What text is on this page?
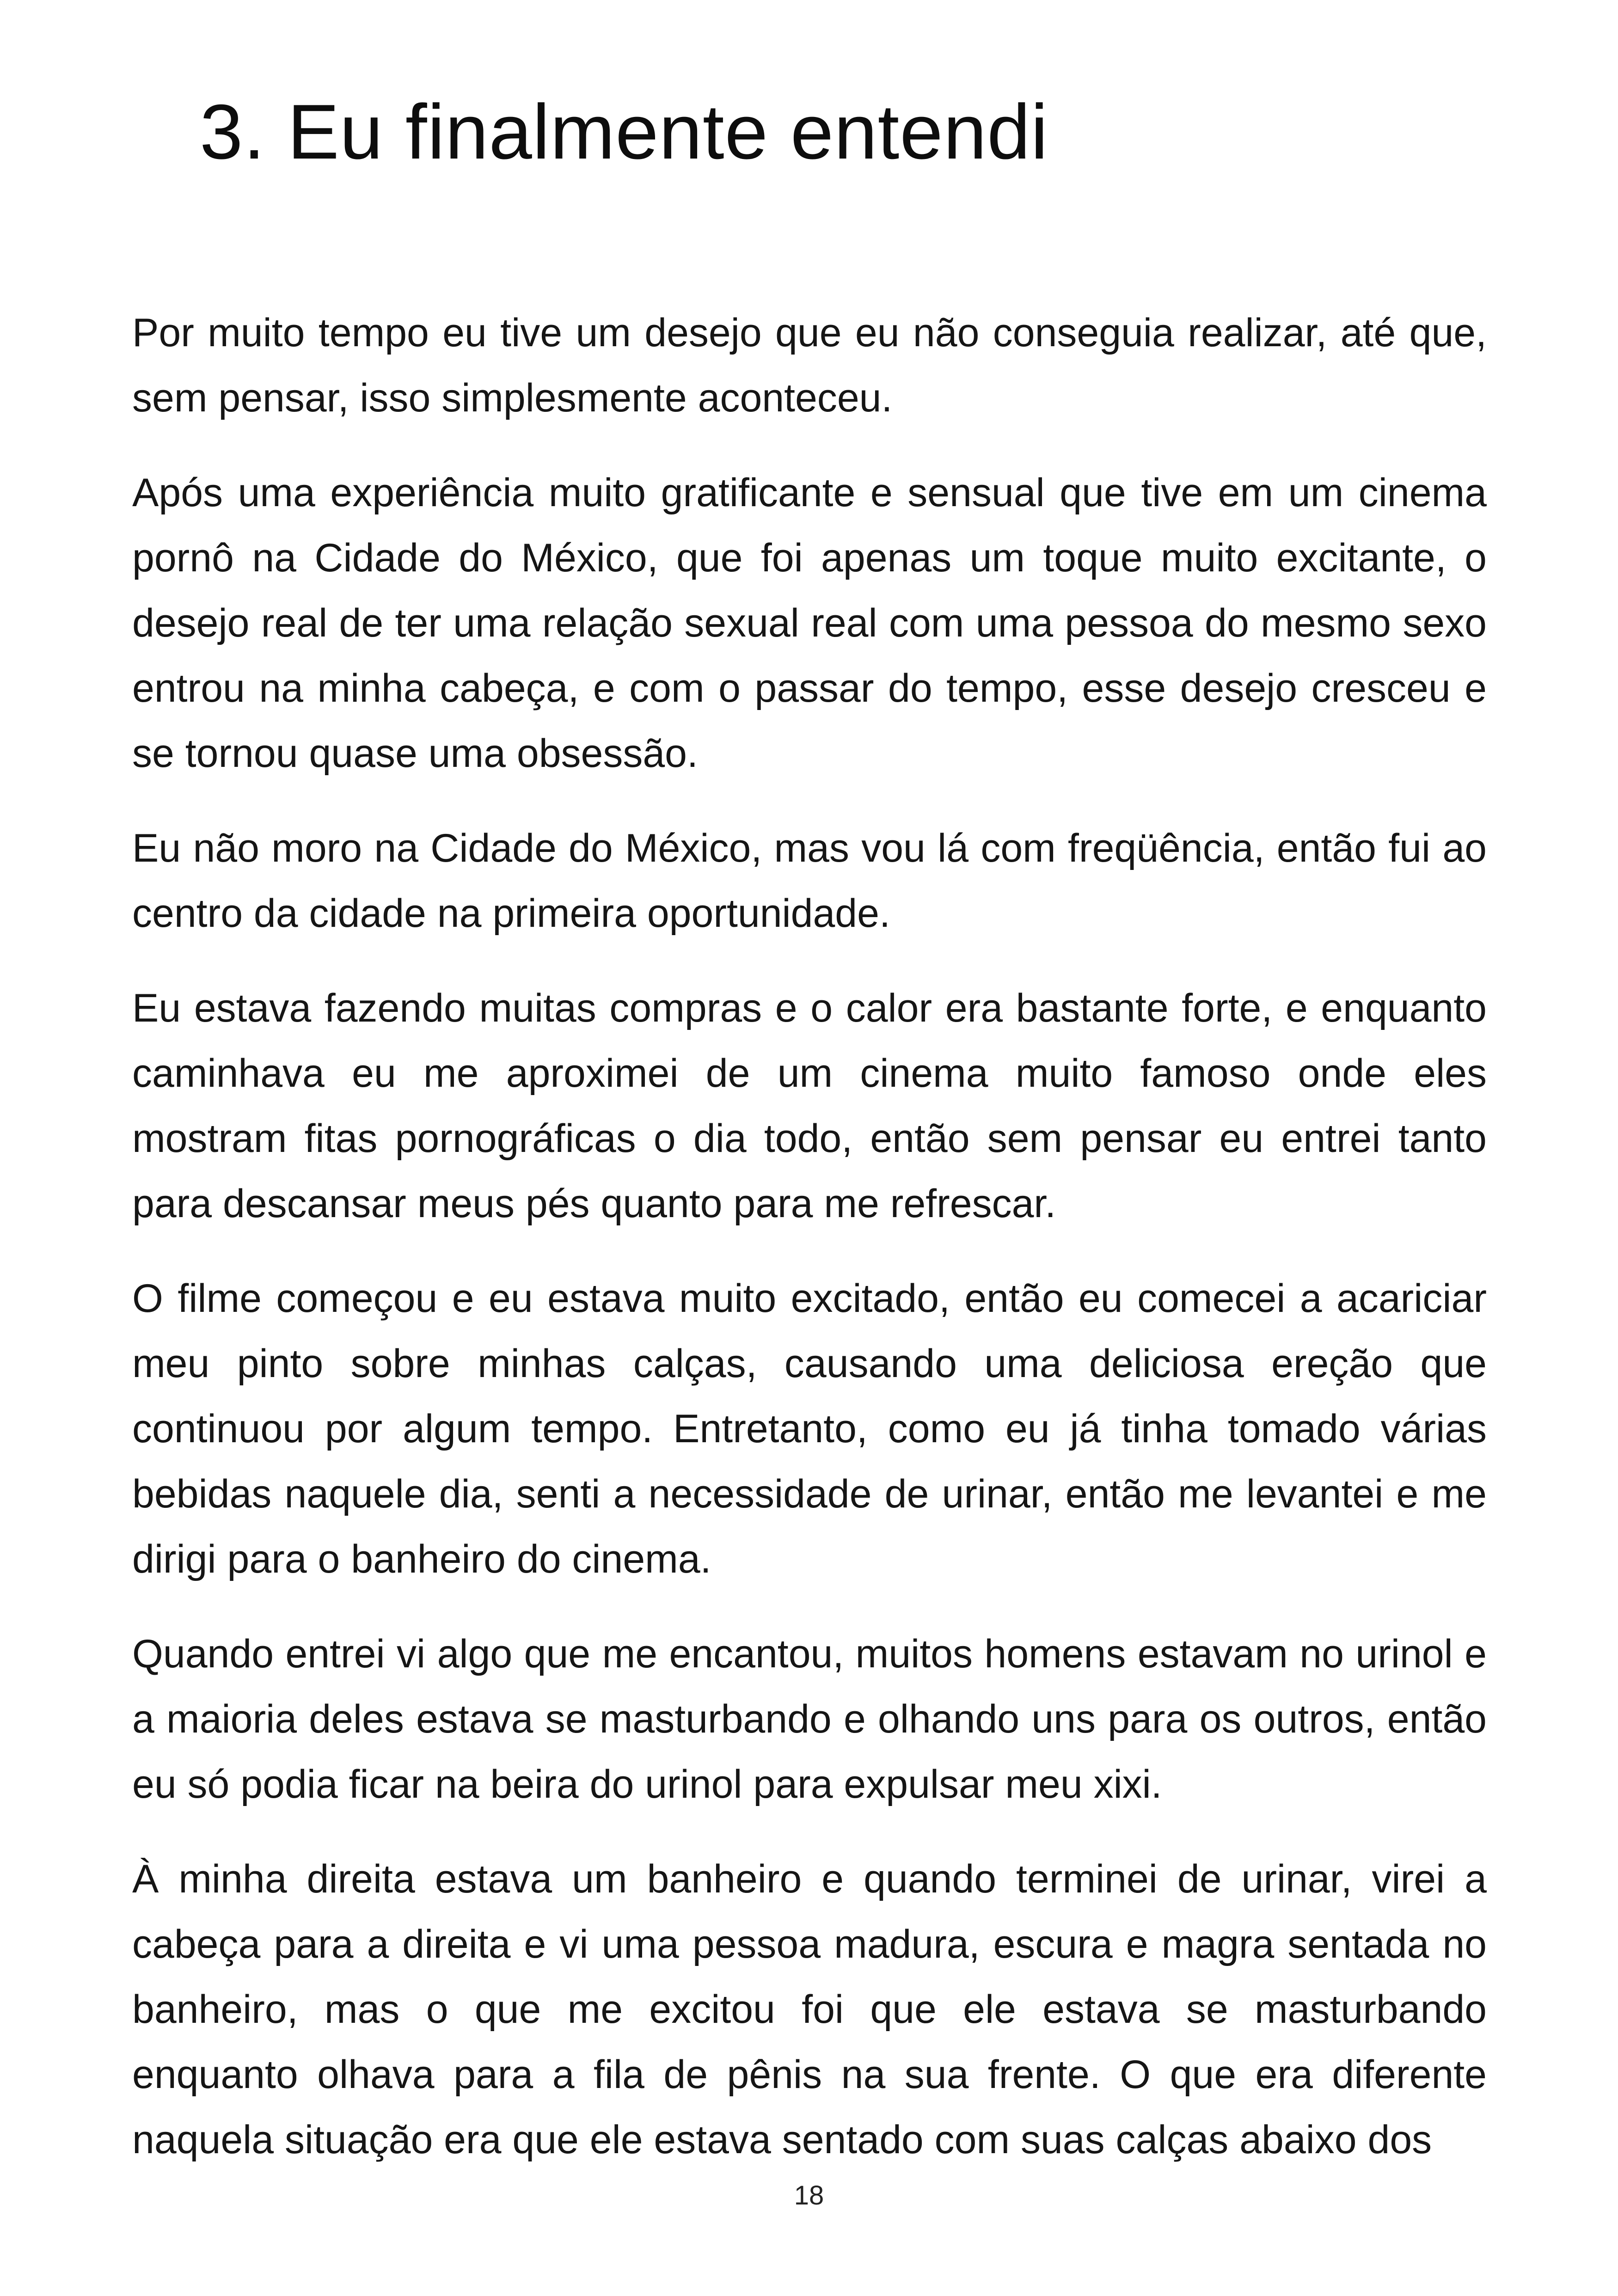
3. Eu finalmente entendi

Por muito tempo eu tive um desejo que eu não conseguia realizar, até que, sem pensar, isso simplesmente aconteceu.

Após uma experiência muito gratificante e sensual que tive em um cinema pornô na Cidade do México, que foi apenas um toque muito excitante, o desejo real de ter uma relação sexual real com uma pessoa do mesmo sexo entrou na minha cabeça, e com o passar do tempo, esse desejo cresceu e se tornou quase uma obsessão.

Eu não moro na Cidade do México, mas vou lá com freqüência, então fui ao centro da cidade na primeira oportunidade.

Eu estava fazendo muitas compras e o calor era bastante forte, e enquanto caminhava eu me aproximei de um cinema muito famoso onde eles mostram fitas pornográficas o dia todo, então sem pensar eu entrei tanto para descansar meus pés quanto para me refrescar.

O filme começou e eu estava muito excitado, então eu comecei a acariciar meu pinto sobre minhas calças, causando uma deliciosa ereção que continuou por algum tempo. Entretanto, como eu já tinha tomado várias bebidas naquele dia, senti a necessidade de urinar, então me levantei e me dirigi para o banheiro do cinema.

Quando entrei vi algo que me encantou, muitos homens estavam no urinol e a maioria deles estava se masturbando e olhando uns para os outros, então eu só podia ficar na beira do urinol para expulsar meu xixi.

À minha direita estava um banheiro e quando terminei de urinar, virei a cabeça para a direita e vi uma pessoa madura, escura e magra sentada no banheiro, mas o que me excitou foi que ele estava se masturbando enquanto olhava para a fila de pênis na sua frente. O que era diferente naquela situação era que ele estava sentado com suas calças abaixo dos

18
